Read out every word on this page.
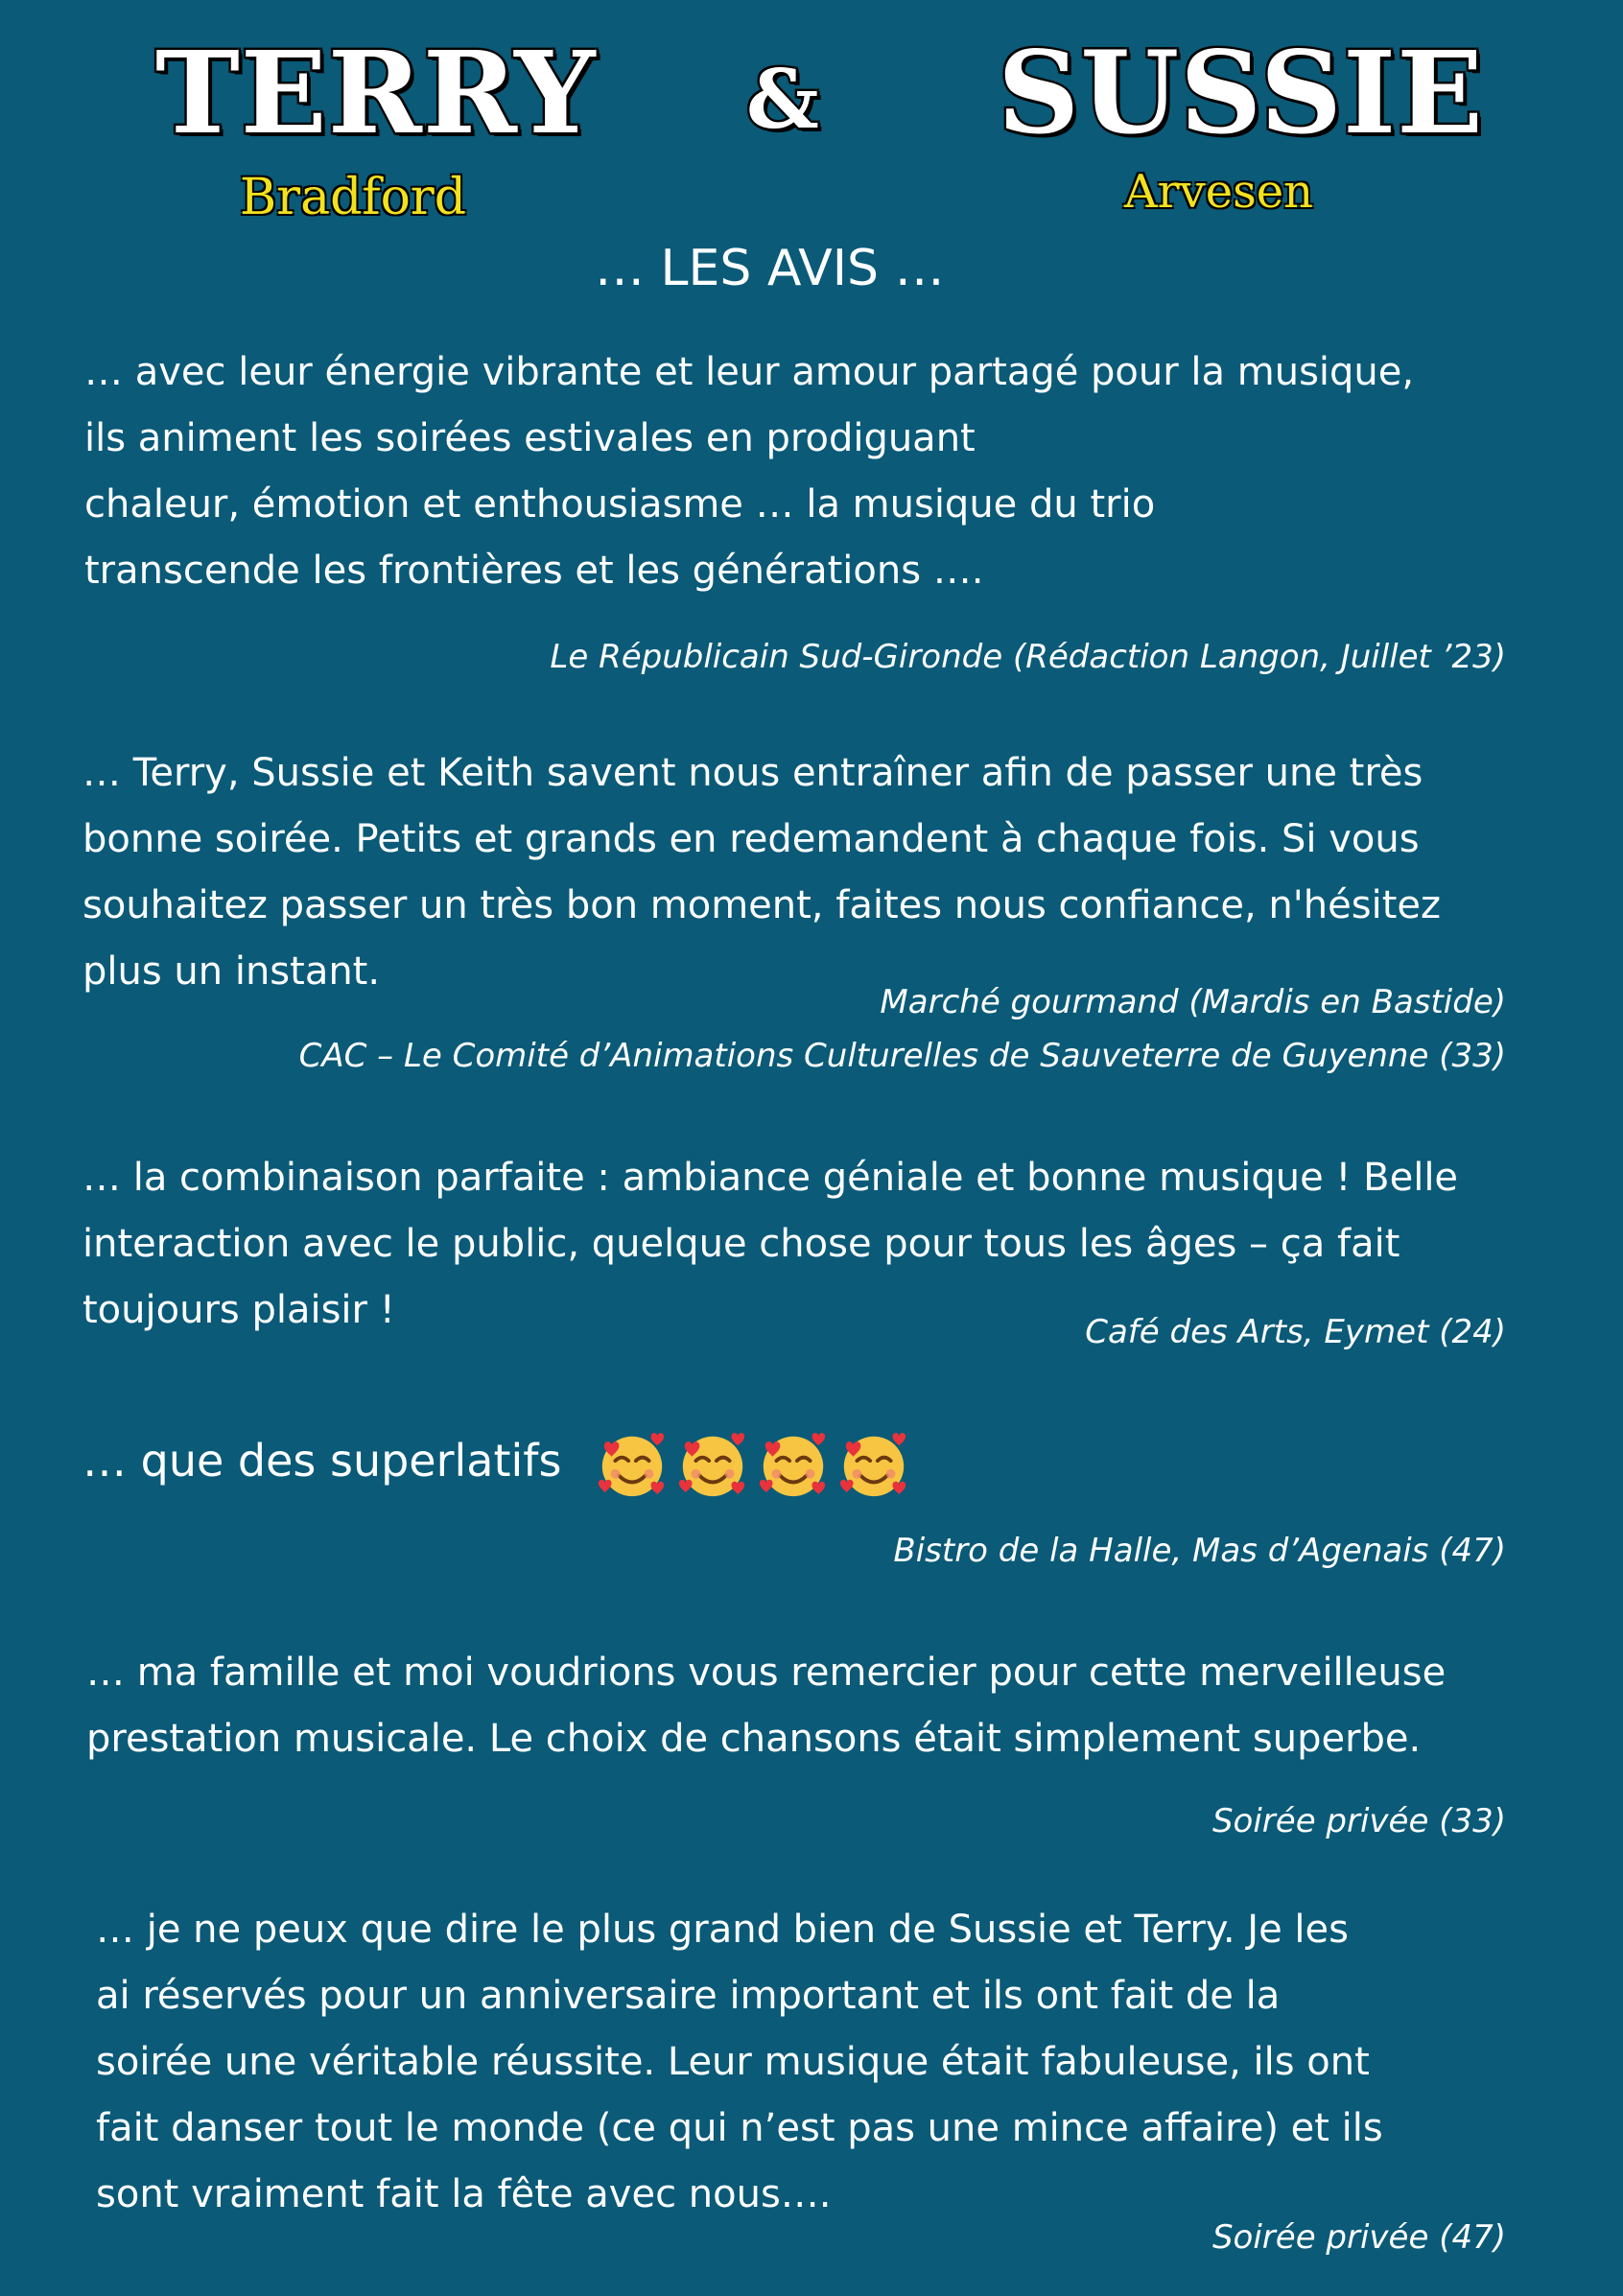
TERRY & SUSSIE
Bradford	Arvesen
… LES AVIS …
… avec leur énergie vibrante et leur amour partagé pour la musique,
ils animent les soirées estivales en prodiguant
chaleur, émotion et enthousiasme … la musique du trio
transcende les frontières et les générations ….
Le Républicain Sud-Gironde (Rédaction Langon, Juillet ’23)
… Terry, Sussie et Keith savent nous entraîner afin de passer une très
bonne soirée. Petits et grands en redemandent à chaque fois. Si vous
souhaitez passer un très bon moment, faites nous confiance, n'hésitez
plus un instant.
Marché gourmand (Mardis en Bastide)
CAC – Le Comité d’Animations Culturelles de Sauveterre de Guyenne (33)
… la combinaison parfaite : ambiance géniale et bonne musique ! Belle
interaction avec le public, quelque chose pour tous les âges – ça fait
toujours plaisir !	Café des Arts, Eymet (24)
… que des superlatifs
Bistro de la Halle, Mas d’Agenais (47)
… ma famille et moi voudrions vous remercier pour cette merveilleuse
prestation musicale. Le choix de chansons était simplement superbe.
Soirée privée (33)
… je ne peux que dire le plus grand bien de Sussie et Terry. Je les
ai réservés pour un anniversaire important et ils ont fait de la
soirée une véritable réussite. Leur musique était fabuleuse, ils ont
fait danser tout le monde (ce qui n’est pas une mince affaire) et ils
sont vraiment fait la fête avec nous….
Soirée privée (47)
